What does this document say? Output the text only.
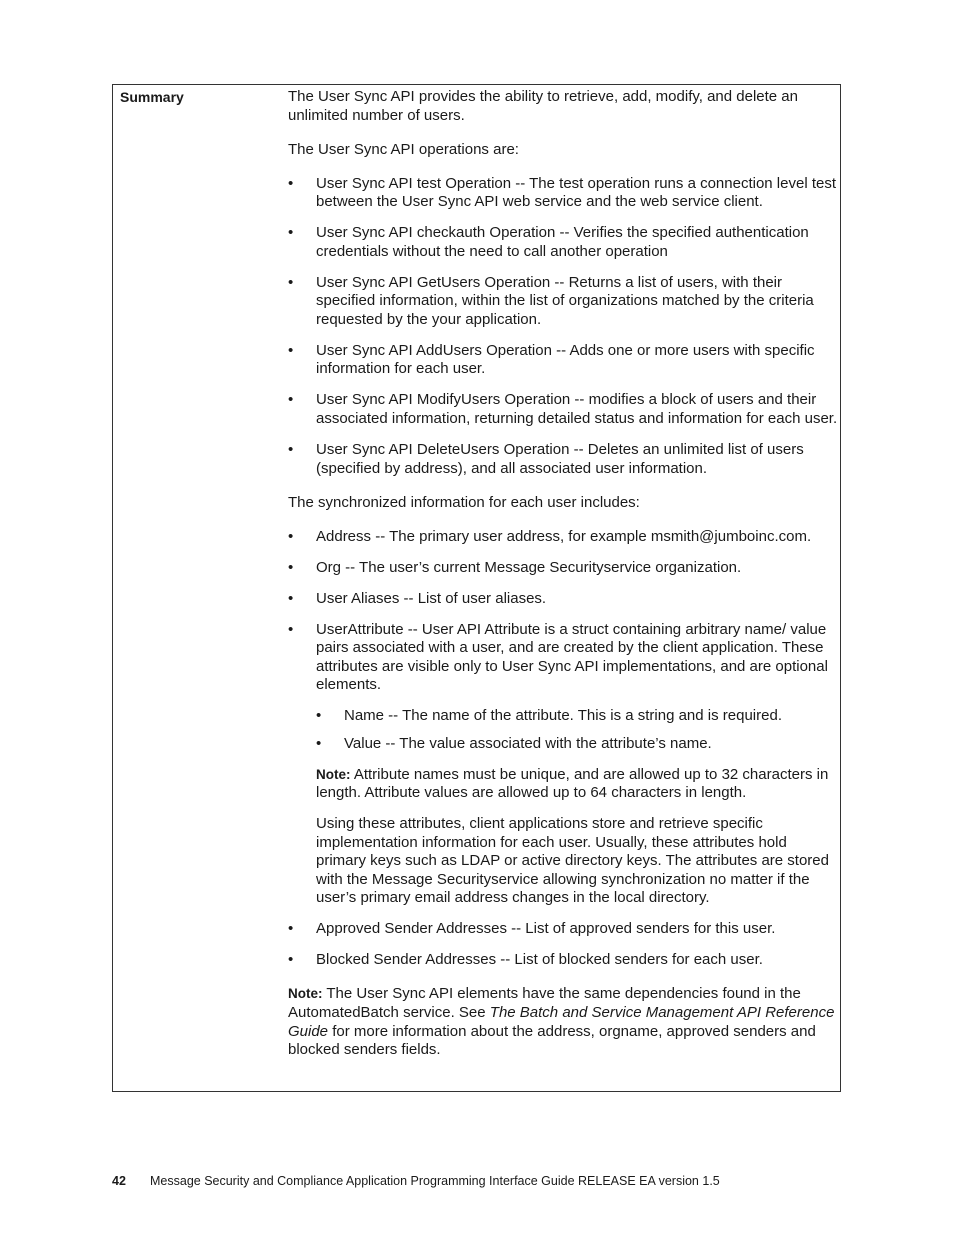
Summary	The User Sync API provides the ability to retrieve, add, modify, and delete an unlimited number of users.

The User Sync API operations are:

• User Sync API test Operation -- The test operation runs a connection level test between the User Sync API web service and the web service client.
• User Sync API checkauth Operation -- Verifies the specified authentication credentials without the need to call another operation
• User Sync API GetUsers Operation -- Returns a list of users, with their specified information, within the list of organizations matched by the criteria requested by the your application.
• User Sync API AddUsers Operation -- Adds one or more users with specific information for each user.
• User Sync API ModifyUsers Operation -- modifies a block of users and their associated information, returning detailed status and information for each user.
• User Sync API DeleteUsers Operation -- Deletes an unlimited list of users (specified by address), and all associated user information.

The synchronized information for each user includes:

• Address -- The primary user address, for example msmith@jumboinc.com.
• Org -- The user’s current Message Securityservice organization.
• User Aliases -- List of user aliases.
• UserAttribute -- User API Attribute is a struct containing arbitrary name/ value pairs associated with a user, and are created by the client application. These attributes are visible only to User Sync API implementations, and are optional elements.
• Name -- The name of the attribute. This is a string and is required.
• Value -- The value associated with the attribute’s name.

Note: Attribute names must be unique, and are allowed up to 32 characters in length. Attribute values are allowed up to 64 characters in length.

Using these attributes, client applications store and retrieve specific implementation information for each user. Usually, these attributes hold primary keys such as LDAP or active directory keys. The attributes are stored with the Message Securityservice allowing synchronization no matter if the user’s primary email address changes in the local directory.

• Approved Sender Addresses -- List of approved senders for this user.
• Blocked Sender Addresses -- List of blocked senders for each user.

Note: The User Sync API elements have the same dependencies found in the AutomatedBatch service. See The Batch and Service Management API Reference Guide for more information about the address, orgname, approved senders and blocked senders fields.

42 Message Security and Compliance Application Programming Interface Guide RELEASE EA version 1.5
